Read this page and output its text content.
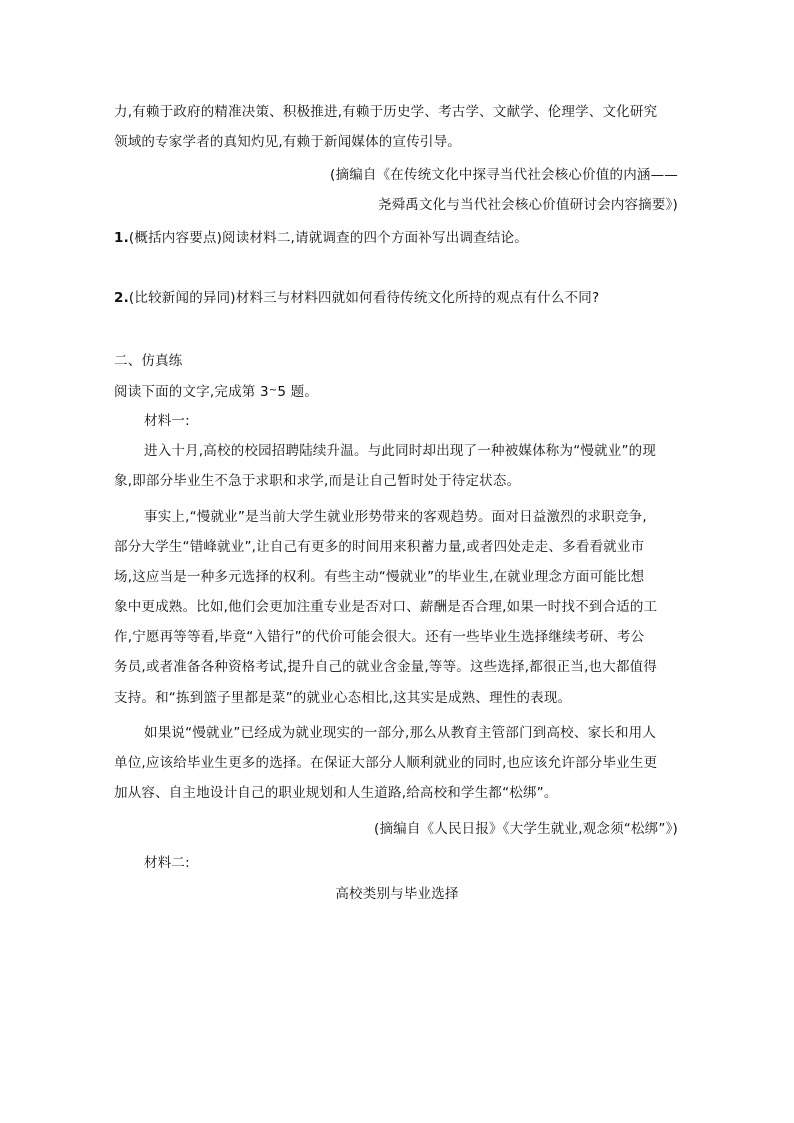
力,有赖于政府的精准决策、积极推进,有赖于历史学、考古学、文献学、伦理学、文化研究
领域的专家学者的真知灼见,有赖于新闻媒体的宣传引导。
(摘编自《在传统文化中探寻当代社会核心价值的内涵——
尧舜禹文化与当代社会核心价值研讨会内容摘要》)
1.(概括内容要点)阅读材料二,请就调查的四个方面补写出调查结论。
2.(比较新闻的异同)材料三与材料四就如何看待传统文化所持的观点有什么不同?
二、仿真练
阅读下面的文字,完成第 3~5 题。
材料一:
进入十月,高校的校园招聘陆续升温。与此同时却出现了一种被媒体称为“慢就业”的现
象,即部分毕业生不急于求职和求学,而是让自己暂时处于待定状态。
事实上,“慢就业”是当前大学生就业形势带来的客观趋势。面对日益激烈的求职竞争,
部分大学生“错峰就业”,让自己有更多的时间用来积蓄力量,或者四处走走、多看看就业市
场,这应当是一种多元选择的权利。有些主动“慢就业”的毕业生,在就业理念方面可能比想
象中更成熟。比如,他们会更加注重专业是否对口、薪酬是否合理,如果一时找不到合适的工
作,宁愿再等等看,毕竟“入错行”的代价可能会很大。还有一些毕业生选择继续考研、考公
务员,或者准备各种资格考试,提升自己的就业含金量,等等。这些选择,都很正当,也大都值得
支持。和“拣到篮子里都是菜”的就业心态相比,这其实是成熟、理性的表现。
如果说“慢就业”已经成为就业现实的一部分,那么从教育主管部门到高校、家长和用人
单位,应该给毕业生更多的选择。在保证大部分人顺利就业的同时,也应该允许部分毕业生更
加从容、自主地设计自己的职业规划和人生道路,给高校和学生都“松绑”。
(摘编自《人民日报》《大学生就业,观念须“松绑”》)
材料二:
高校类别与毕业选择
